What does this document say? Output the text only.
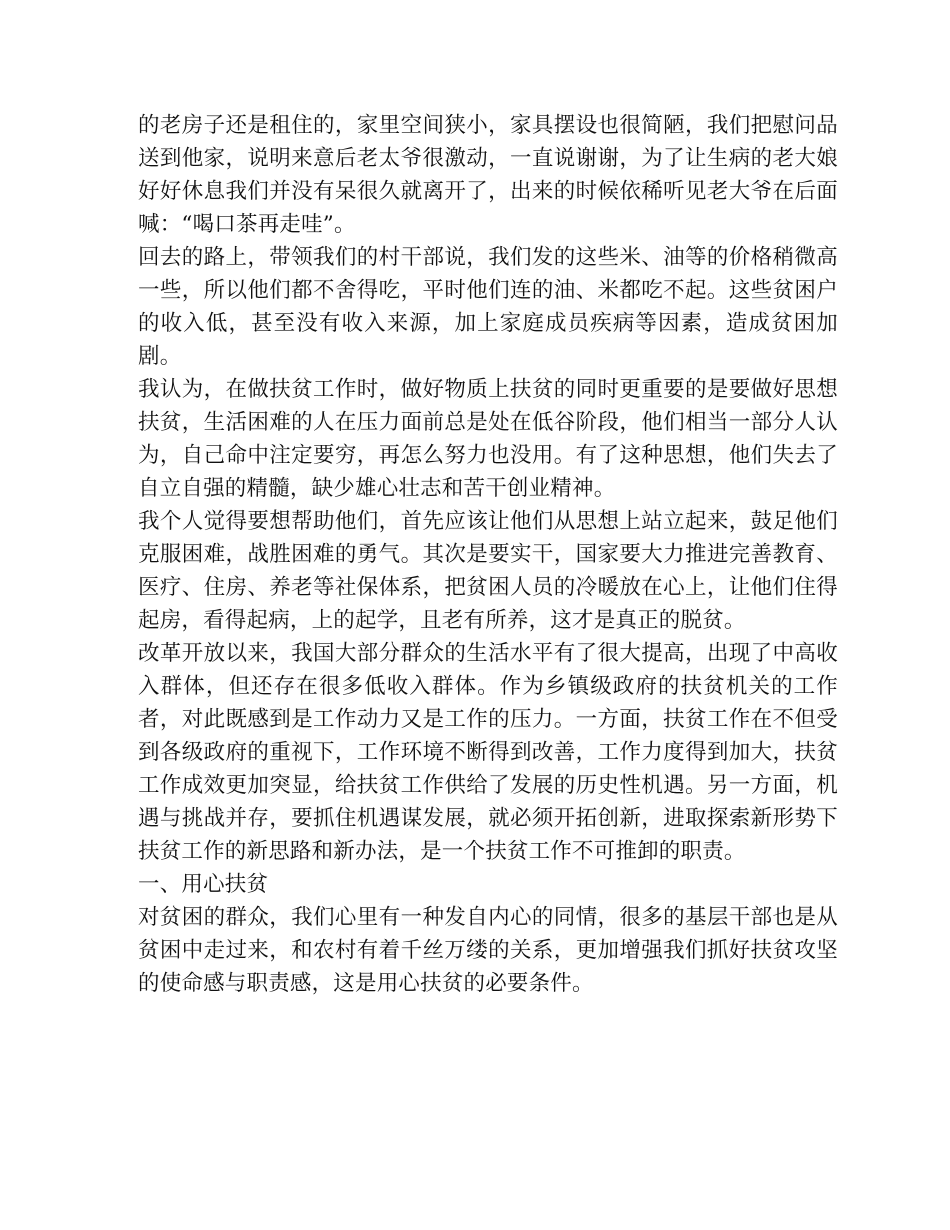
的老房子还是租住的，家里空间狭小，家具摆设也很简陋，我们把慰问品送到他家，说明来意后老太爷很激动，一直说谢谢，为了让生病的老大娘好好休息我们并没有呆很久就离开了，出来的时候依稀听见老大爷在后面喊：“喝口茶再走哇”。

回去的路上，带领我们的村干部说，我们发的这些米、油等的价格稍微高一些，所以他们都不舍得吃，平时他们连的油、米都吃不起。这些贫困户的收入低，甚至没有收入来源，加上家庭成员疾病等因素，造成贫困加剧。

我认为，在做扶贫工作时，做好物质上扶贫的同时更重要的是要做好思想扶贫，生活困难的人在压力面前总是处在低谷阶段，他们相当一部分人认为，自己命中注定要穷，再怎么努力也没用。有了这种思想，他们失去了自立自强的精髓，缺少雄心壮志和苦干创业精神。

我个人觉得要想帮助他们，首先应该让他们从思想上站立起来，鼓足他们克服困难，战胜困难的勇气。其次是要实干，国家要大力推进完善教育、医疗、住房、养老等社保体系，把贫困人员的冷暖放在心上，让他们住得起房，看得起病，上的起学，且老有所养，这才是真正的脱贫。

改革开放以来，我国大部分群众的生活水平有了很大提高，出现了中高收入群体，但还存在很多低收入群体。作为乡镇级政府的扶贫机关的工作者，对此既感到是工作动力又是工作的压力。一方面，扶贫工作在不但受到各级政府的重视下，工作环境不断得到改善，工作力度得到加大，扶贫工作成效更加突显，给扶贫工作供给了发展的历史性机遇。另一方面，机遇与挑战并存，要抓住机遇谋发展，就必须开拓创新，进取探索新形势下扶贫工作的新思路和新办法，是一个扶贫工作不可推卸的职责。

一、用心扶贫

对贫困的群众，我们心里有一种发自内心的同情，很多的基层干部也是从贫困中走过来，和农村有着千丝万缕的关系，更加增强我们抓好扶贫攻坚的使命感与职责感，这是用心扶贫的必要条件。
